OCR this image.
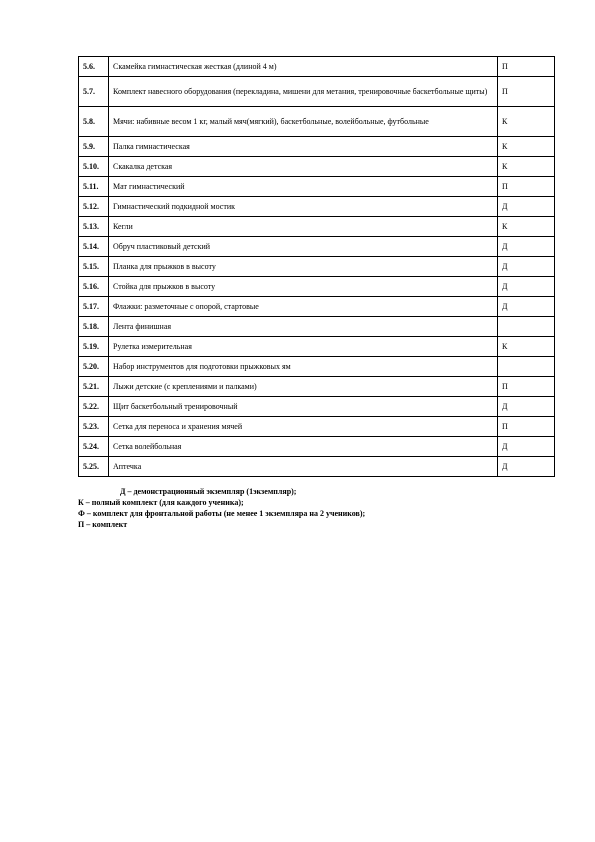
5.6.	Скамейка гимнастическая жесткая (длиной 4 м)	П
5.7.	Комплект навесного оборудования (перекладина, мишени для метания, тренировочные баскетбольные щиты)	П
5.8.	Мячи: набивные весом 1 кг, малый мяч(мягкий), баскетбольные, волейбольные, футбольные	К
5.9.	Палка гимнастическая	К
5.10.	Скакалка детская	К
5.11.	Мат гимнастический	П
5.12.	Гимнастический подкидной мостик	Д
5.13.	Кегли	К
5.14.	Обруч пластиковый детский	Д
5.15.	Планка для прыжков в высоту	Д
5.16.	Стойка для прыжков в высоту	Д
5.17.	Флажки: разметочные с опорой, стартовые	Д
5.18.	Лента финишная	
5.19.	Рулетка измерительная	К
5.20.	Набор инструментов для подготовки прыжковых ям	
5.21.	Лыжи детские (с креплениями и палками)	П
5.22.	Щит баскетбольный тренировочный	Д
5.23.	Сетка для переноса и хранения мячей	П
5.24.	Сетка волейбольная	Д
5.25.	Аптечка	Д
Д – демонстрационный экземпляр (1экземпляр);
К – полный комплект (для каждого ученика);
Ф – комплект для фронтальной работы (не менее 1 экземпляра на 2 учеников);
П – комплект
